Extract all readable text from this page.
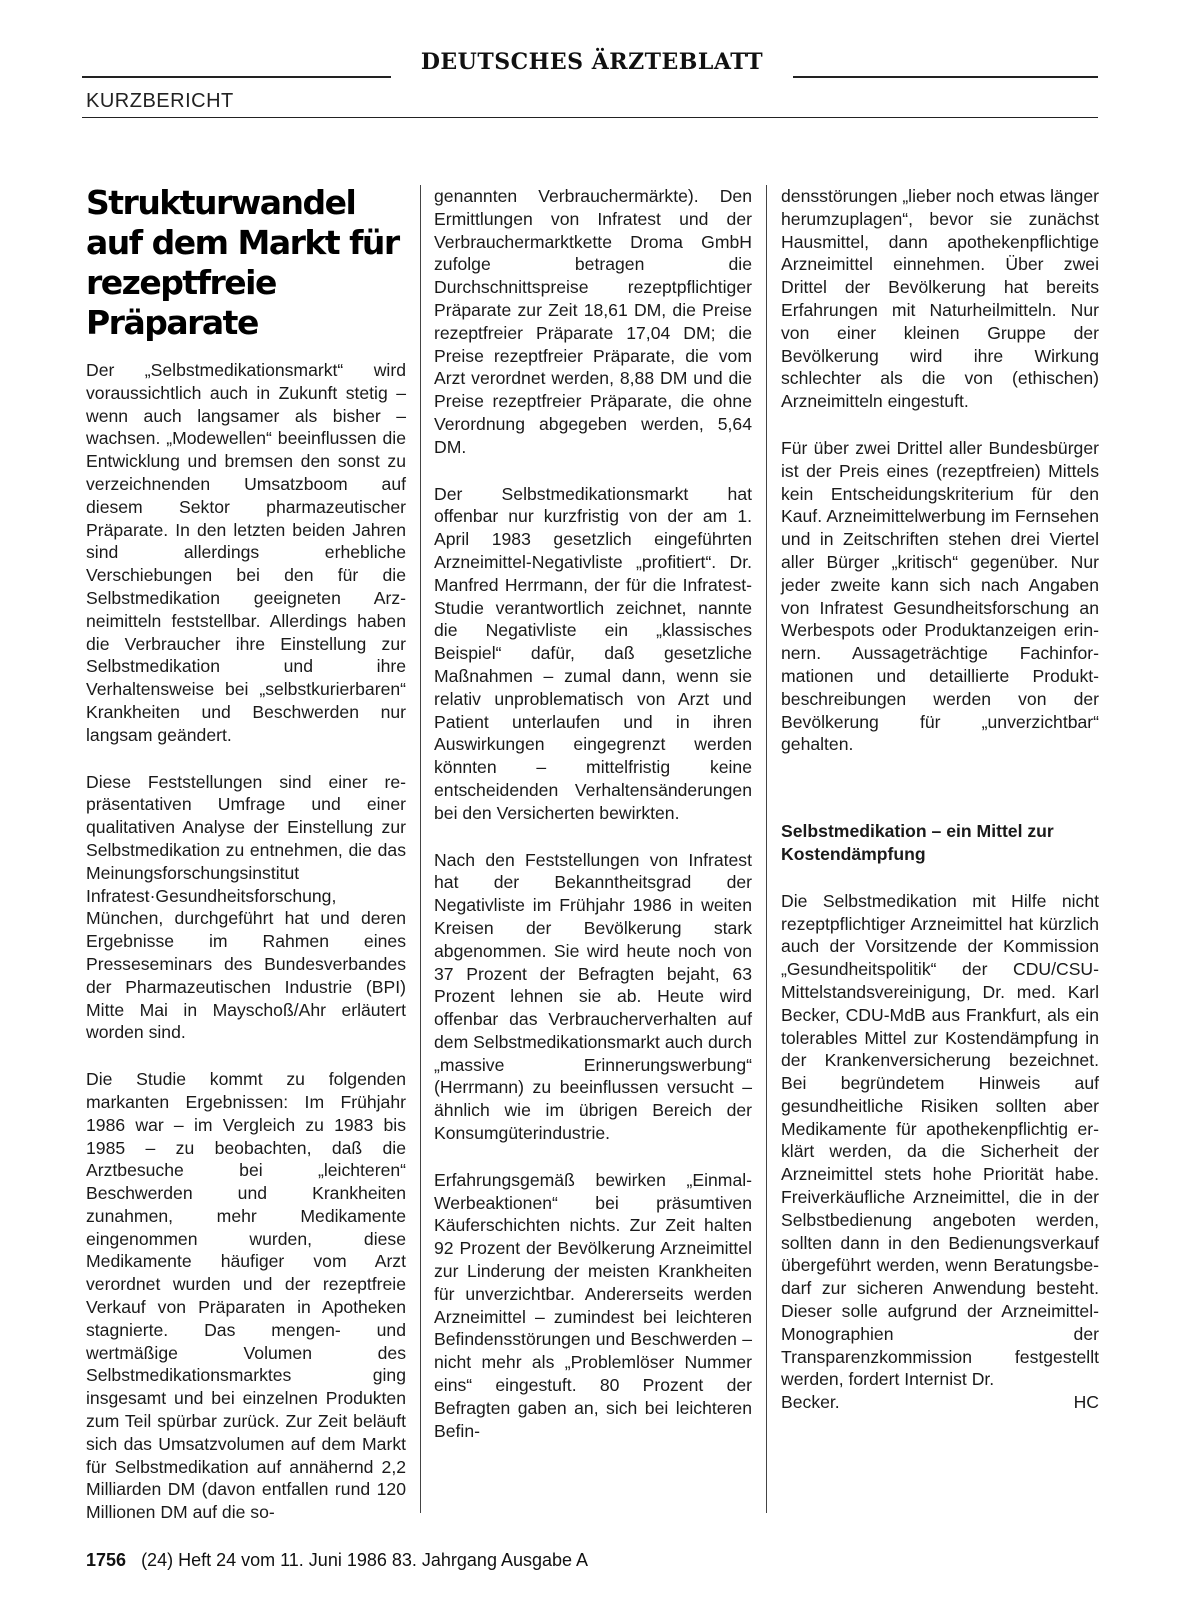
DEUTSCHES ÄRZTEBLATT
KURZBERICHT
Strukturwandel auf dem Markt für rezeptfreie Präparate

Der „Selbstmedikationsmarkt“ wird voraussichtlich auch in Zukunft stetig – wenn auch langsamer als bisher – wachsen. „Modewellen“ beeinflussen die Entwicklung und bremsen den sonst zu verzeichnenden Umsatzboom auf diesem Sektor pharmazeutischer Präparate. In den letzten beiden Jahren sind allerdings erhebliche Verschiebungen bei den für die Selbstmedikation geeigneten Arzneimitteln feststellbar. Allerdings haben die Verbraucher ihre Einstellung zur Selbstmedikation und ihre Verhaltensweise bei „selbstkurierbaren“ Krankheiten und Beschwerden nur langsam geändert.

Diese Feststellungen sind einer repräsentativen Umfrage und einer qualitativen Analyse der Einstellung zur Selbstmedikation zu entnehmen, die das Meinungsforschungsinstitut Infratest·Gesundheitsforschung, München, durchgeführt hat und deren Ergebnisse im Rahmen eines Presseseminars des Bundesverbandes der Pharmazeutischen Industrie (BPI) Mitte Mai in Mayschoß/Ahr erläutert worden sind.

Die Studie kommt zu folgenden markanten Ergebnissen: Im Frühjahr 1986 war – im Vergleich zu 1983 bis 1985 – zu beobachten, daß die Arztbesuche bei „leichteren“ Beschwerden und Krankheiten zunahmen, mehr Medikamente eingenommen wurden, diese Medikamente häufiger vom Arzt verordnet wurden und der rezeptfreie Verkauf von Präparaten in Apotheken stagnierte. Das mengen- und wertmäßige Volumen des Selbstmedikationsmarktes ging insgesamt und bei einzelnen Produkten zum Teil spürbar zurück. Zur Zeit beläuft sich das Umsatzvolumen auf dem Markt für Selbstmedikation auf annähernd 2,2 Milliarden DM (davon entfallen rund 120 Millionen DM auf die so-

genannten Verbrauchermärkte). Den Ermittlungen von Infratest und der Verbrauchermarktkette Droma GmbH zufolge betragen die Durchschnittspreise rezeptpflichtiger Präparate zur Zeit 18,61 DM, die Preise rezeptfreier Präparate 17,04 DM; die Preise rezeptfreier Präparate, die vom Arzt verordnet werden, 8,88 DM und die Preise rezeptfreier Präparate, die ohne Verordnung abgegeben werden, 5,64 DM.

Der Selbstmedikationsmarkt hat offenbar nur kurzfristig von der am 1. April 1983 gesetzlich eingeführten Arzneimittel-Negativliste „profitiert“. Dr. Manfred Herrmann, der für die Infratest-Studie verantwortlich zeichnet, nannte die Negativliste ein „klassisches Beispiel“ dafür, daß gesetzliche Maßnahmen – zumal dann, wenn sie relativ unproblematisch von Arzt und Patient unterlaufen und in ihren Auswirkungen eingegrenzt werden könnten – mittelfristig keine entscheidenden Verhaltensänderungen bei den Versicherten bewirkten.

Nach den Feststellungen von Infratest hat der Bekanntheitsgrad der Negativliste im Frühjahr 1986 in weiten Kreisen der Bevölkerung stark abgenommen. Sie wird heute noch von 37 Prozent der Befragten bejaht, 63 Prozent lehnen sie ab. Heute wird offenbar das Verbraucherverhalten auf dem Selbstmedikationsmarkt auch durch „massive Erinnerungswerbung“ (Herrmann) zu beeinflussen versucht – ähnlich wie im übrigen Bereich der Konsumgüterindustrie.

Erfahrungsgemäß bewirken „Einmal-Werbeaktionen“ bei präsumtiven Käuferschichten nichts. Zur Zeit halten 92 Prozent der Bevölkerung Arzneimittel zur Linderung der meisten Krankheiten für unverzichtbar. Andererseits werden Arzneimittel – zumindest bei leichteren Befindensstörungen und Beschwerden – nicht mehr als „Problemlöser Nummer eins“ eingestuft. 80 Prozent der Befragten gaben an, sich bei leichteren Befin-

densstörungen „lieber noch etwas länger herumzuplagen“, bevor sie zunächst Hausmittel, dann apothekenpflichtige Arzneimittel einnehmen. Über zwei Drittel der Bevölkerung hat bereits Erfahrungen mit Naturheilmitteln. Nur von einer kleinen Gruppe der Bevölkerung wird ihre Wirkung schlechter als die von (ethischen) Arzneimitteln eingestuft.

Für über zwei Drittel aller Bundesbürger ist der Preis eines (rezeptfreien) Mittels kein Entscheidungskriterium für den Kauf. Arzneimittelwerbung im Fernsehen und in Zeitschriften stehen drei Viertel aller Bürger „kritisch“ gegenüber. Nur jeder zweite kann sich nach Angaben von Infratest Gesundheitsforschung an Werbespots oder Produktanzeigen erinnern. Aussageträchtige Fachinformationen und detaillierte Produktbeschreibungen werden von der Bevölkerung für „unverzichtbar“ gehalten.

Selbstmedikation – ein Mittel zur Kostendämpfung

Die Selbstmedikation mit Hilfe nicht rezeptpflichtiger Arzneimittel hat kürzlich auch der Vorsitzende der Kommission „Gesundheitspolitik“ der CDU/CSU-Mittelstandsvereinigung, Dr. med. Karl Becker, CDU-MdB aus Frankfurt, als ein tolerables Mittel zur Kostendämpfung in der Krankenversicherung bezeichnet. Bei begründetem Hinweis auf gesundheitliche Risiken sollten aber Medikamente für apothekenpflichtig erklärt werden, da die Sicherheit der Arzneimittel stets hohe Priorität habe. Freiverkäufliche Arzneimittel, die in der Selbstbedienung angeboten werden, sollten dann in den Bedienungsverkauf übergeführt werden, wenn Beratungsbedarf zur sicheren Anwendung besteht. Dieser solle aufgrund der Arzneimittel-Monographien der Transparenzkommission festgestellt werden, fordert Internist Dr.

Becker. HC

1756 (24) Heft 24 vom 11. Juni 1986 83. Jahrgang Ausgabe A
